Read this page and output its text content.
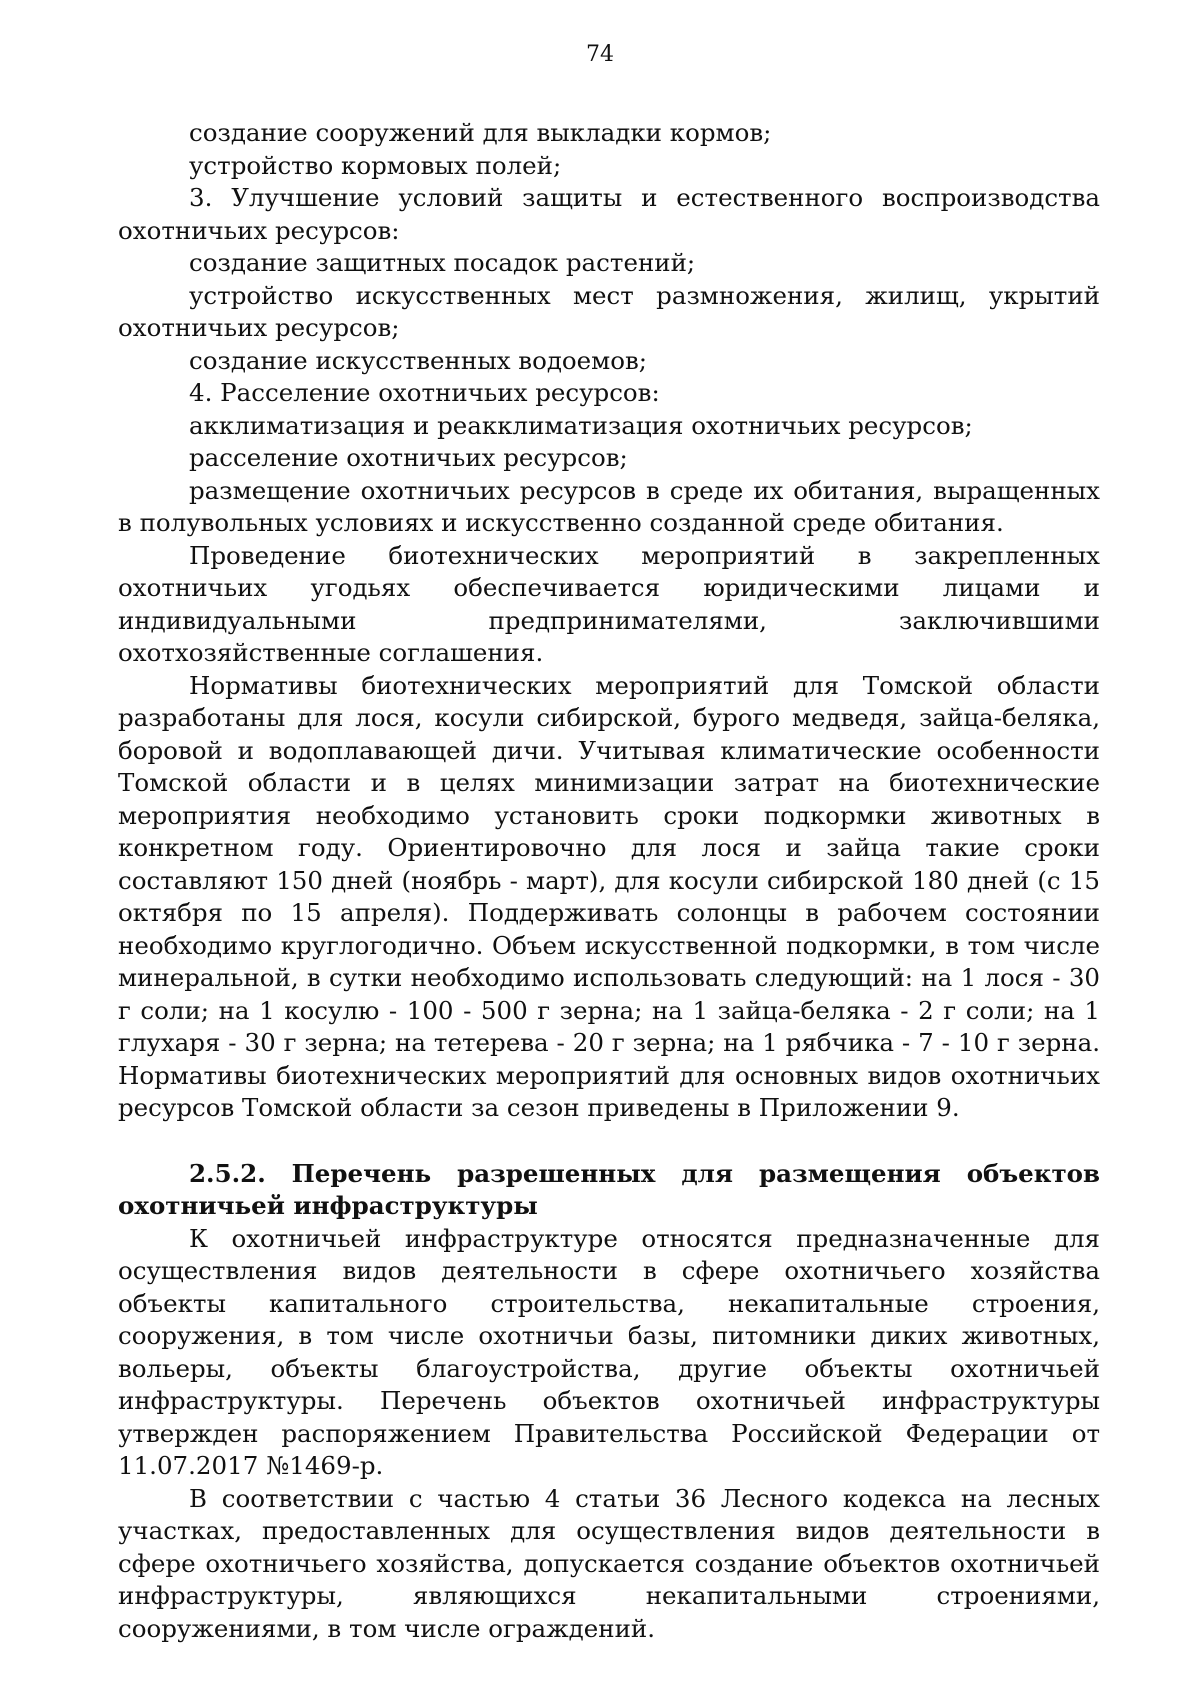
74

создание сооружений для выкладки кормов;

устройство кормовых полей;

3. Улучшение условий защиты и естественного воспроизводства охотничьих ресурсов:

создание защитных посадок растений;

устройство искусственных мест размножения, жилищ, укрытий охотничьих ресурсов;

создание искусственных водоемов;

4. Расселение охотничьих ресурсов:

акклиматизация и реакклиматизация охотничьих ресурсов;

расселение охотничьих ресурсов;

размещение охотничьих ресурсов в среде их обитания, выращенных в полувольных условиях и искусственно созданной среде обитания.

Проведение биотехнических мероприятий в закрепленных охотничьих угодьях обеспечивается юридическими лицами и индивидуальными предпринимателями, заключившими охотхозяйственные соглашения.

Нормативы биотехнических мероприятий для Томской области разработаны для лося, косули сибирской, бурого медведя, зайца-беляка, боровой и водоплавающей дичи. Учитывая климатические особенности Томской области и в целях минимизации затрат на биотехнические мероприятия необходимо установить сроки подкормки животных в конкретном году. Ориентировочно для лося и зайца такие сроки составляют 150 дней (ноябрь - март), для косули сибирской 180 дней (с 15 октября по 15 апреля). Поддерживать солонцы в рабочем состоянии необходимо круглогодично. Объем искусственной подкормки, в том числе минеральной, в сутки необходимо использовать следующий: на 1 лося - 30 г соли; на 1 косулю - 100 - 500 г зерна; на 1 зайца-беляка - 2 г соли; на 1 глухаря - 30 г зерна; на тетерева - 20 г зерна; на 1 рябчика - 7 - 10 г зерна. Нормативы биотехнических мероприятий для основных видов охотничьих ресурсов Томской области за сезон приведены в Приложении 9.

2.5.2. Перечень разрешенных для размещения объектов охотничьей инфраструктуры

К охотничьей инфраструктуре относятся предназначенные для осуществления видов деятельности в сфере охотничьего хозяйства объекты капитального строительства, некапитальные строения, сооружения, в том числе охотничьи базы, питомники диких животных, вольеры, объекты благоустройства, другие объекты охотничьей инфраструктуры. Перечень объектов охотничьей инфраструктуры утвержден распоряжением Правительства Российской Федерации от 11.07.2017 №1469-р.

В соответствии с частью 4 статьи 36 Лесного кодекса на лесных участках, предоставленных для осуществления видов деятельности в сфере охотничьего хозяйства, допускается создание объектов охотничьей инфраструктуры, являющихся некапитальными строениями, сооружениями, в том числе ограждений.
